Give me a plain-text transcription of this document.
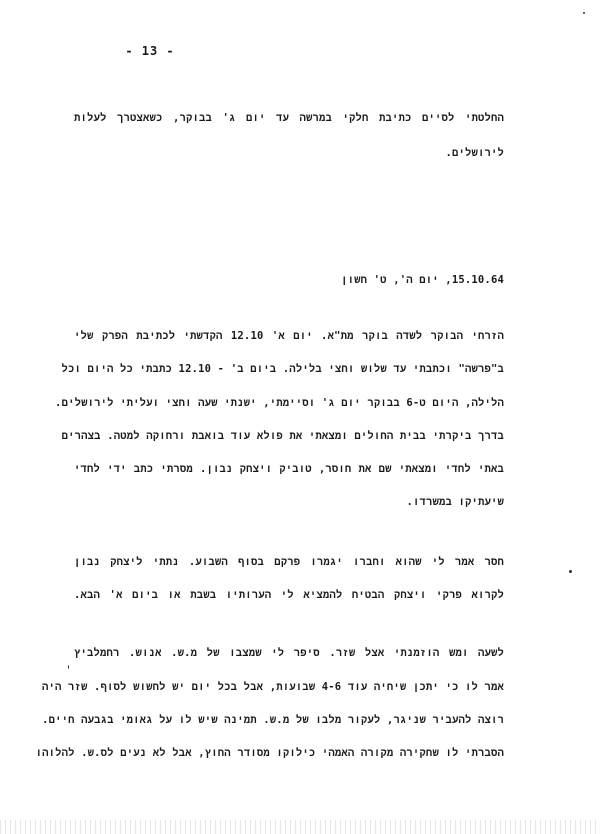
- 13 -
החלטתי לסיים כתיבת חלקי במרשה עד יום ג' בבוקר, כשאצטרך לעלות
לירושלים.
15.10.64, יום ה', ט' חשון
הזרחי הבוקר לשדה בוקר מת"א. יום א' 12.10 הקדשתי לכתיבת הפרק שלי
ב"פרשה" וכתבתי עד שלוש וחצי בלילה. ביום ב' - 12.10 כתבתי כל היום וכל
הלילה, היום ט-6 בבוקר יום ג' וסיימתי, ישנתי שעה וחצי ועליתי לירושלים.
בדרך ביקרתי בבית החולים ומצאתי את פולא עוד בואבת ורחוקה למטה. בצהרים
באתי לחדי ומצאתי שם את חוסר, טוביק ויצחק נבון. מסרתי כתב ידי לחדי
שיעתיקו במשרדו.
חסר אמר לי שהוא וחברו יגמרו פרקם בסוף השבוע. נתתי ליצחק נבון
לקרוא פרקי ויצחק הבטיח להמציא לי הערותיו בשבת או ביום א' הבא.
לשעה ומש הוזמנתי אצל שזר. סיפר לי שמצבו של מ.ש. אנוש. רחמלביץ
אמר לו כי יתכן שיחיה עוד 4-6 שבועות, אבל בכל יום יש לחשוש לסוף. שזר היה
רוצה להעביר שניגר, לעקור מלבו של מ.ש. תמינה שיש לו על גאומי בגבעה חיים.
הסברתי לו שחקירה מקורה האמהי כילוקו מסודר החוץ, אבל לא נעים לס.ש. להלוהו
